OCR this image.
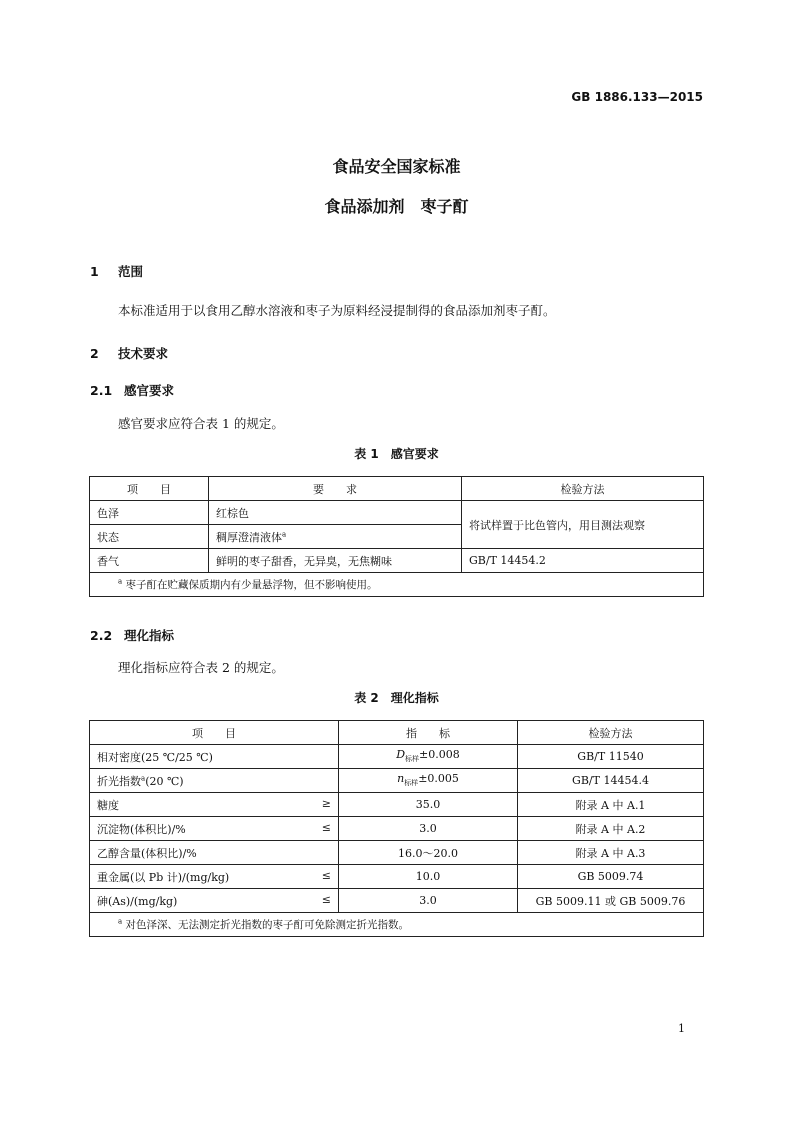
GB 1886.133—2015
食品安全国家标准
食品添加剂　枣子酊
1 范围
本标准适用于以食用乙醇水溶液和枣子为原料经浸提制得的食品添加剂枣子酊。
2 技术要求
2.1 感官要求
感官要求应符合表 1 的规定。
表 1　感官要求
项　　目	要　　求	检验方法
色泽	红棕色	将试样置于比色管内，用目测法观察
状态	稠厚澄清液体$^a$
香气	鲜明的枣子甜香，无异臭，无焦糊味	GB/T 14454.2
$^a$ 枣子酊在贮藏保质期内有少量悬浮物，但不影响使用。		
2.2 理化指标
理化指标应符合表 2 的规定。
表 2　理化指标
项　　目	指　　标	检验方法
相对密度(25 ℃/25 ℃)	$D_{标样}\pm 0.008$	GB/T 11540
折光指数$^a$(20 ℃)	$n_{标样}\pm 0.005$	GB/T 14454.4
糖度 ≥	35.0	附录 A 中 A.1
沉淀物(体积比)/% ≤	3.0	附录 A 中 A.2
乙醇含量(体积比)/%	16.0～20.0	附录 A 中 A.3
重金属(以 Pb 计)/(mg/kg) ≤	10.0	GB 5009.74
砷(As)/(mg/kg) ≤	3.0	GB 5009.11 或 GB 5009.76
$^a$ 对色泽深、无法测定折光指数的枣子酊可免除测定折光指数。		
1
